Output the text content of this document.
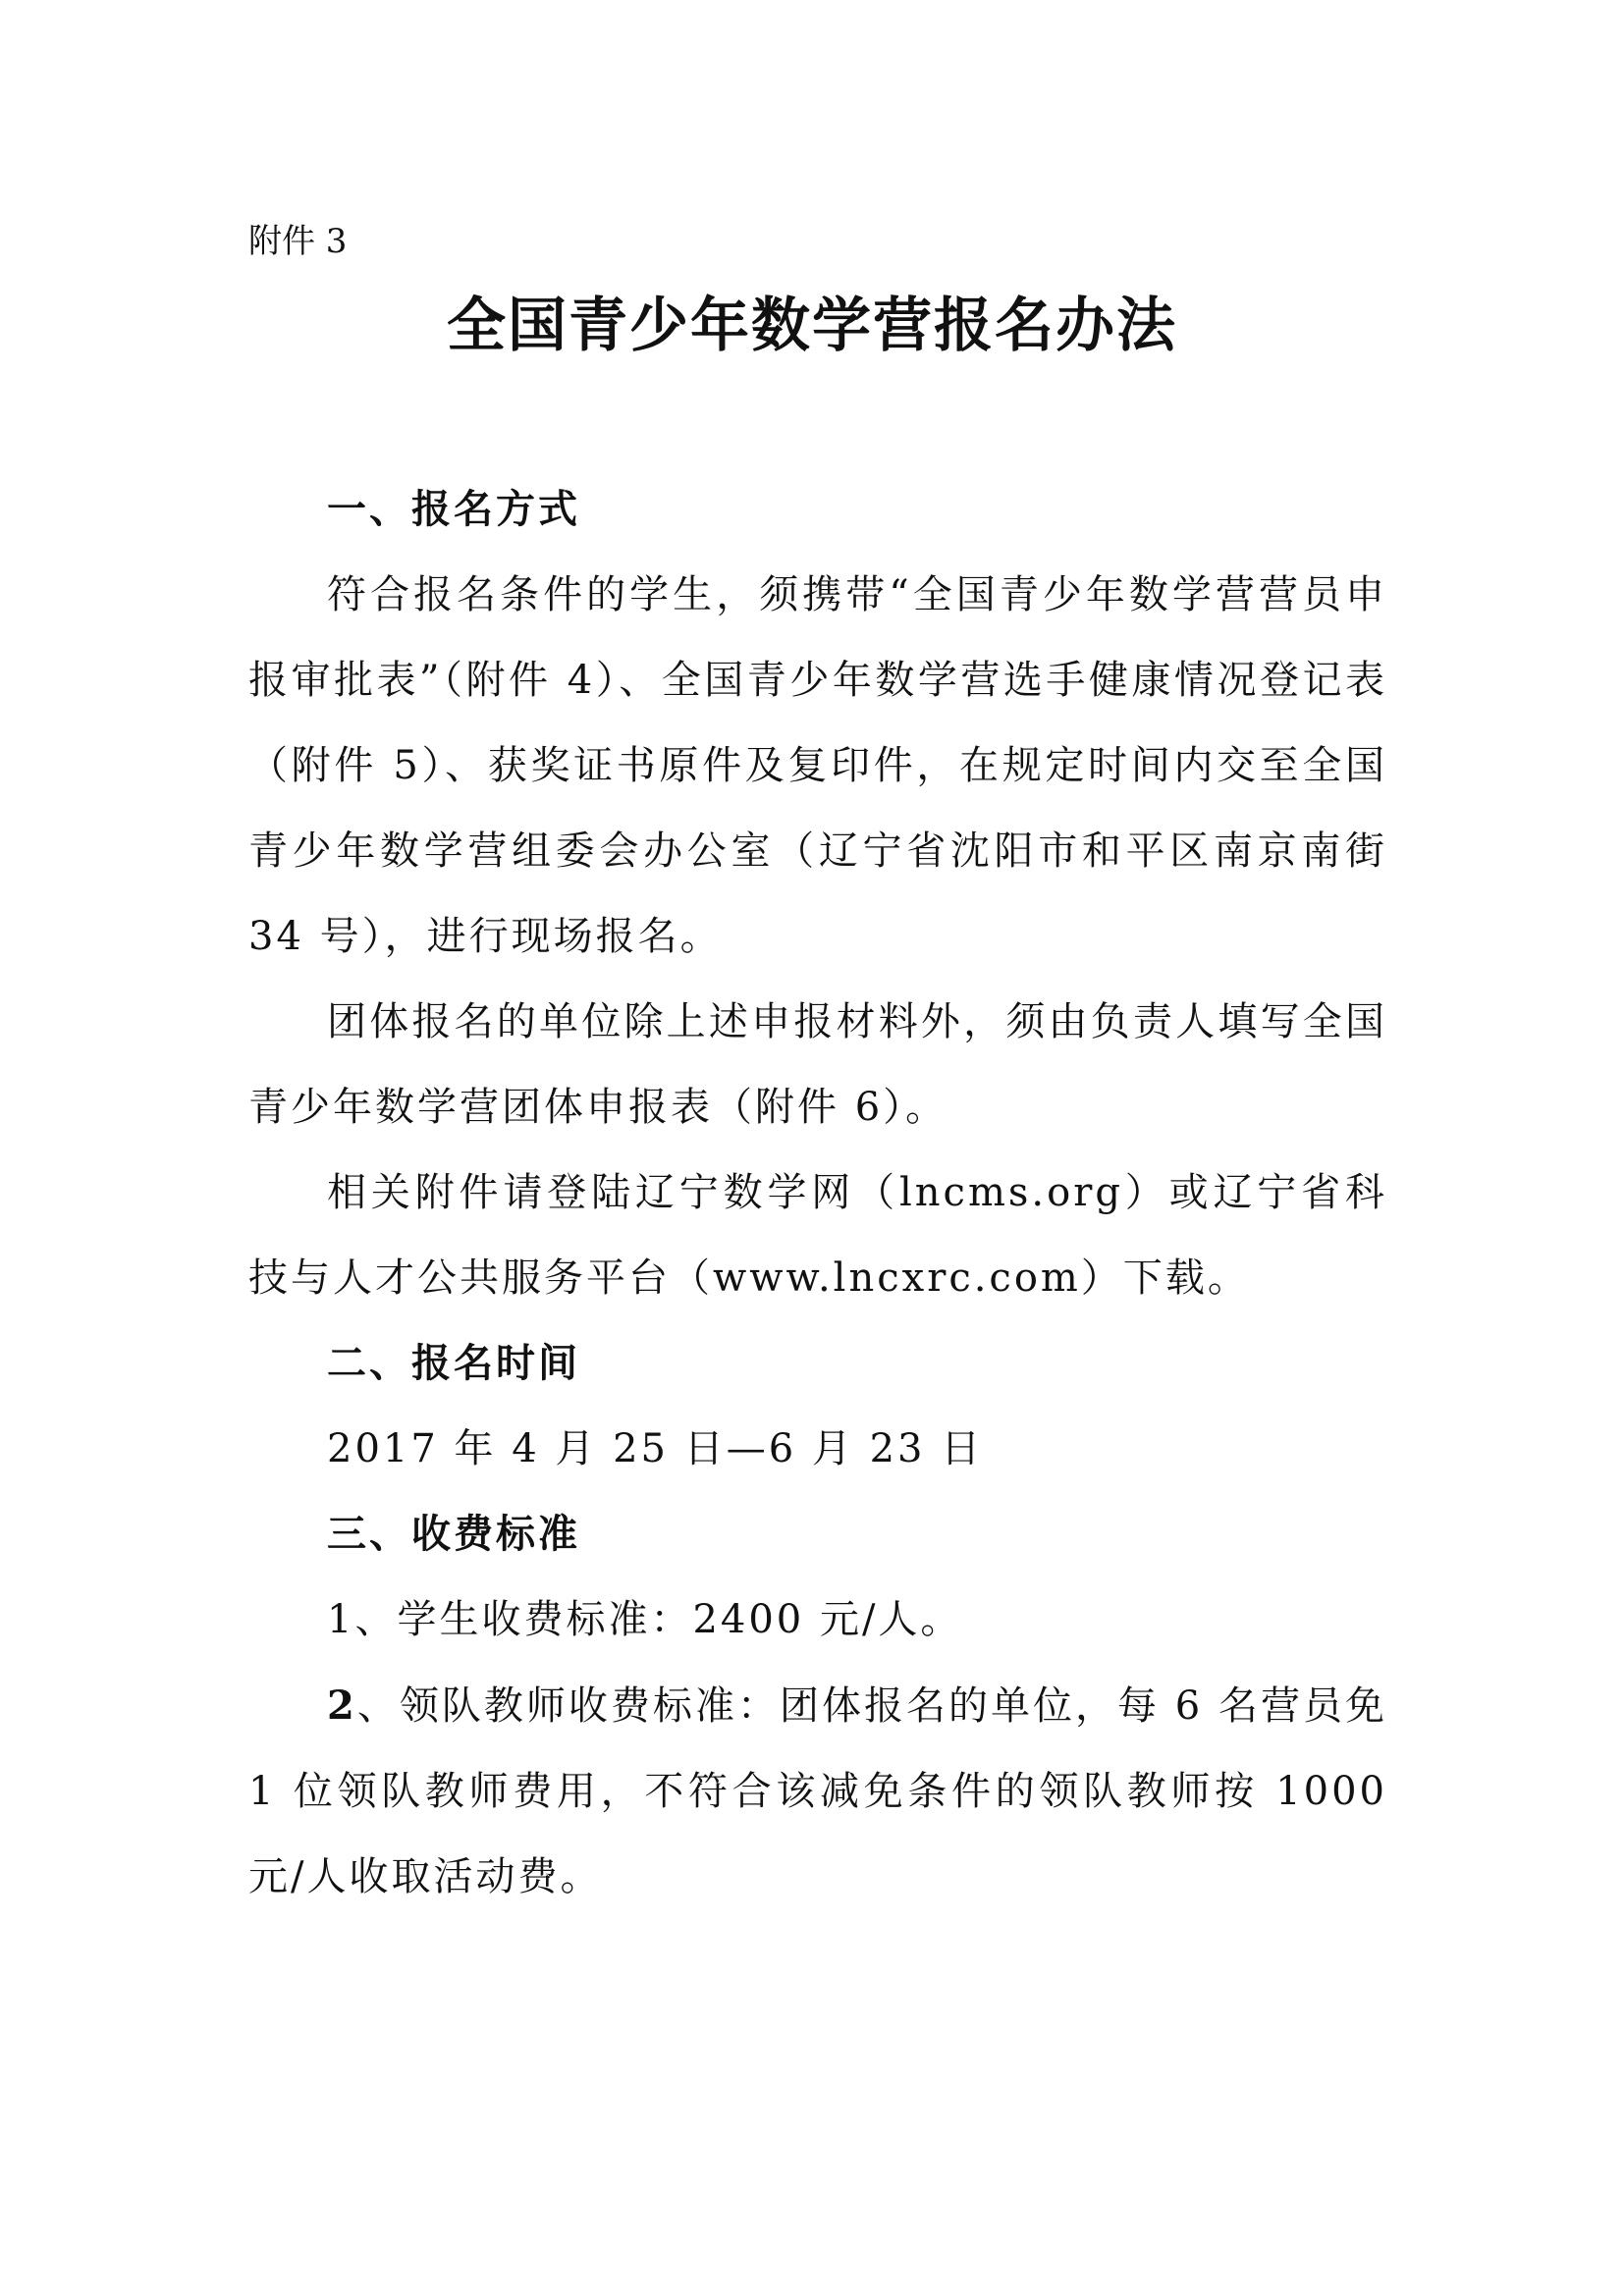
附件 3
全国青少年数学营报名办法
一、报名方式

符合报名条件的学生，须携带“全国青少年数学营营员申报审批表”（附件 4）、全国青少年数学营选手健康情况登记表（附件 5）、获奖证书原件及复印件，在规定时间内交至全国青少年数学营组委会办公室（辽宁省沈阳市和平区南京南街 34 号），进行现场报名。

团体报名的单位除上述申报材料外，须由负责人填写全国青少年数学营团体申报表（附件 6）。

相关附件请登陆辽宁数学网（lncms.org）或辽宁省科技与人才公共服务平台（www.lncxrc.com）下载。

二、报名时间

2017 年 4 月 25 日—6 月 23 日

三、收费标准

1、学生收费标准：2400 元/人。

2、领队教师收费标准：团体报名的单位，每 6 名营员免 1 位领队教师费用，不符合该减免条件的领队教师按 1000 元/人收取活动费。
